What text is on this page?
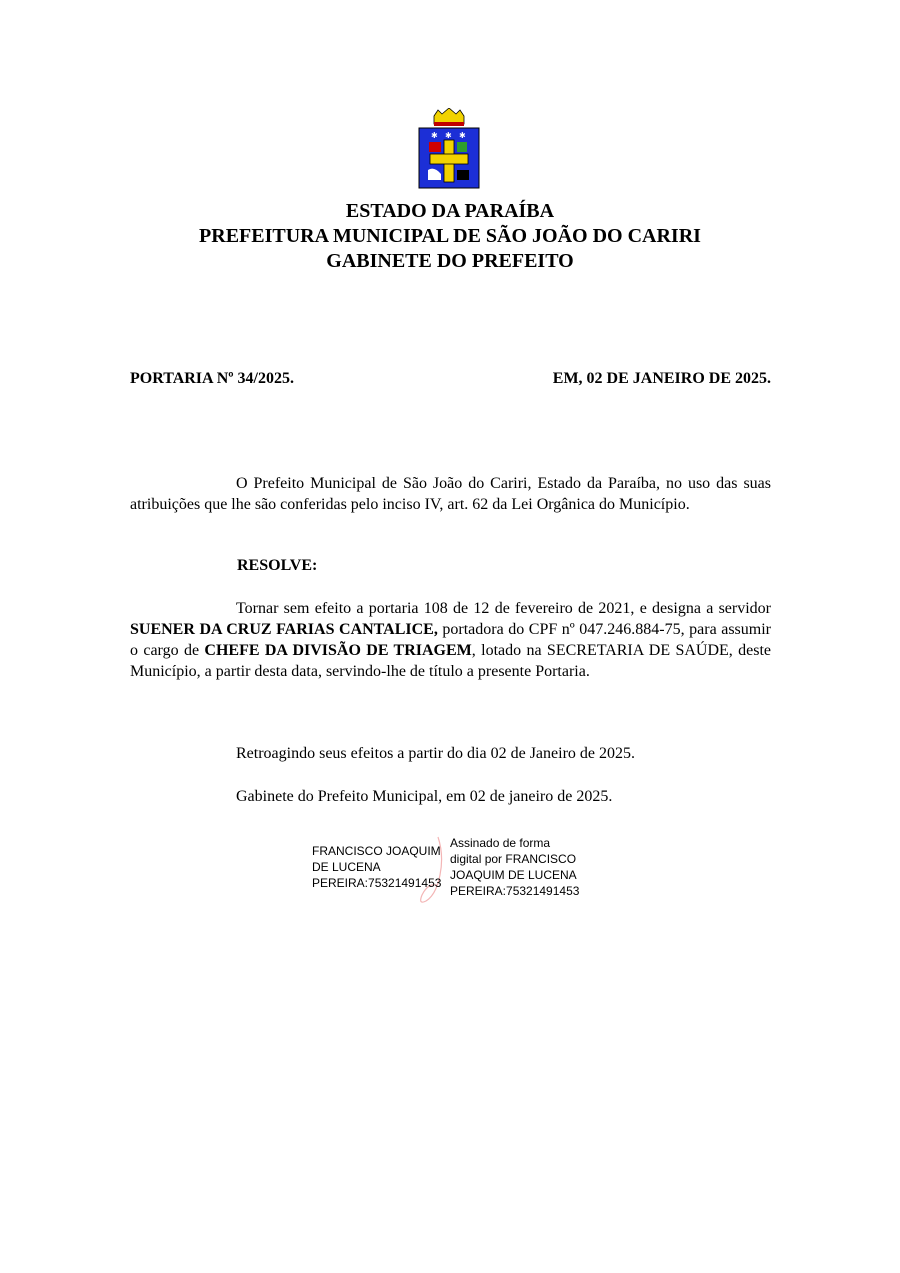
✱ ✱ ✱
ESTADO DA PARAÍBA
PREFEITURA MUNICIPAL DE SÃO JOÃO DO CARIRI
GABINETE DO PREFEITO
PORTARIA Nº 34/2025.	EM, 02 DE JANEIRO DE 2025.
O Prefeito Municipal de São João do Cariri, Estado da Paraíba, no uso das suas atribuições que lhe são conferidas pelo inciso IV, art. 62 da Lei Orgânica do Município.
RESOLVE:
Tornar sem efeito a portaria 108 de 12 de fevereiro de 2021, e designa a servidor SUENER DA CRUZ FARIAS CANTALICE, portadora do CPF nº 047.246.884-75, para assumir o cargo de CHEFE DA DIVISÃO DE TRIAGEM, lotado na SECRETARIA DE SAÚDE, deste Município, a partir desta data, servindo-lhe de título a presente Portaria.
Retroagindo seus efeitos a partir do dia 02 de Janeiro de 2025.
Gabinete do Prefeito Municipal, em 02 de janeiro de 2025.
FRANCISCO JOAQUIM
DE LUCENA
PEREIRA:75321491453
Assinado de forma
digital por FRANCISCO
JOAQUIM DE LUCENA
PEREIRA:75321491453
